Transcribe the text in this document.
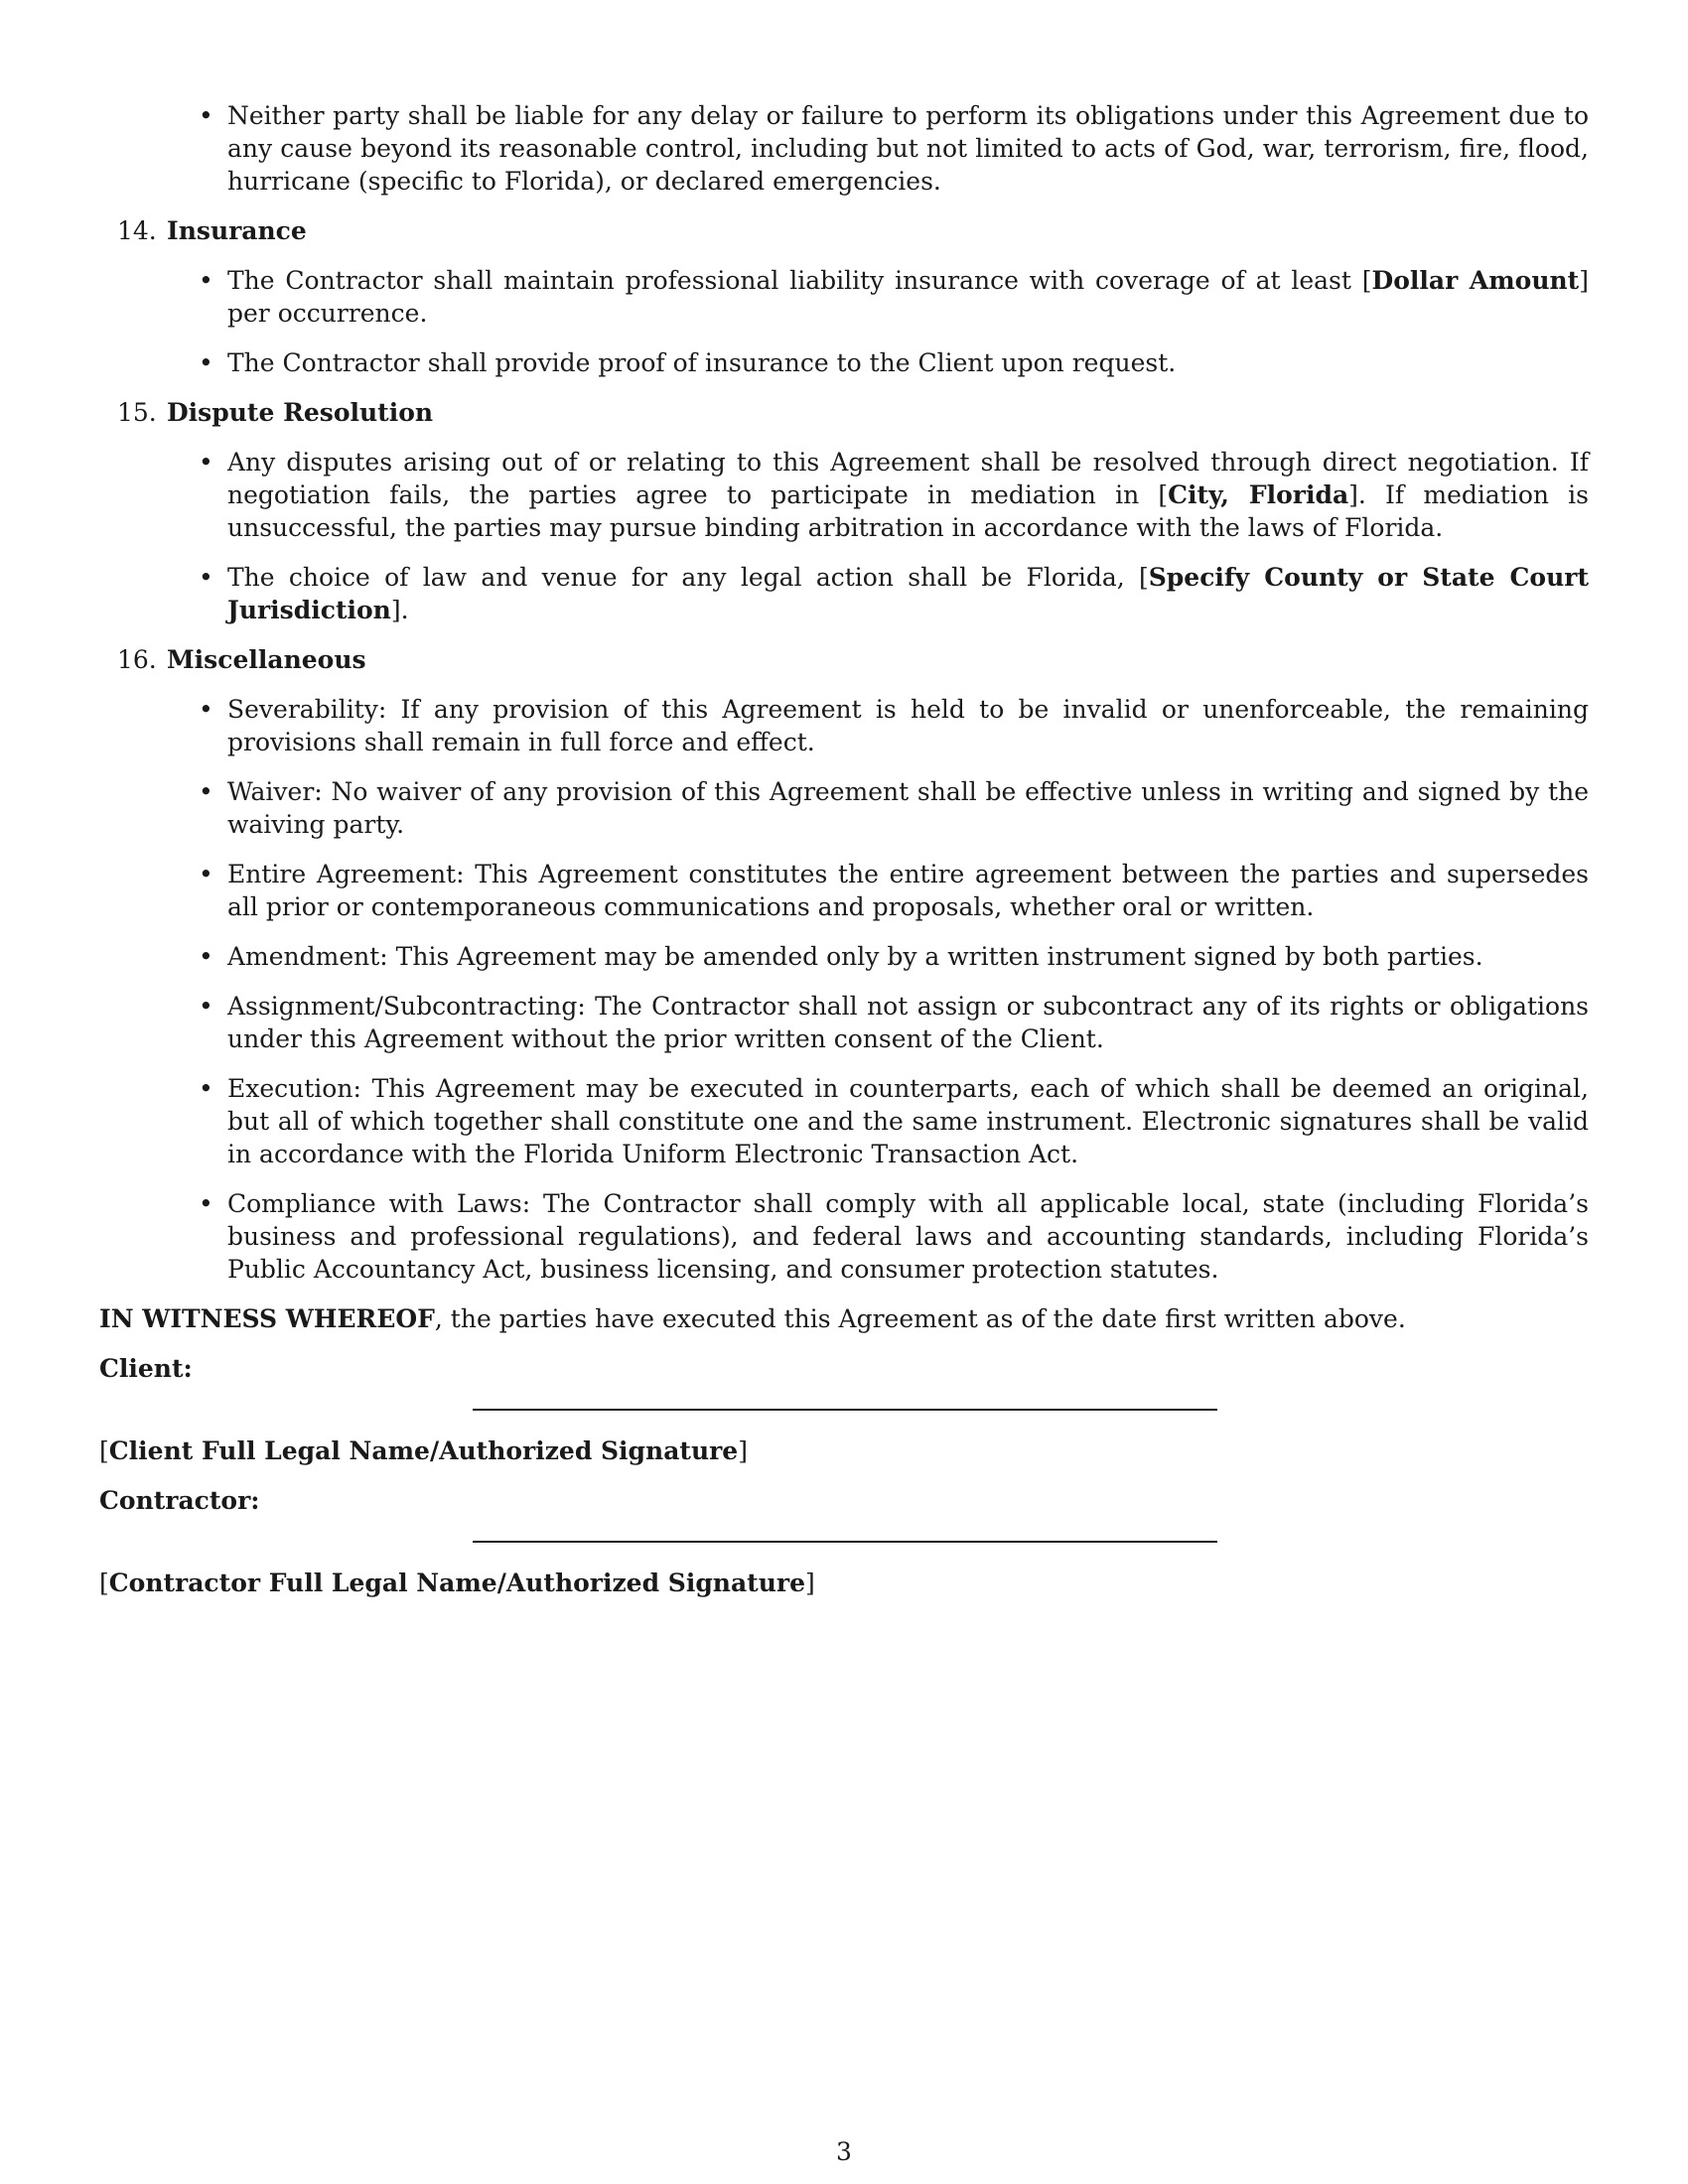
• Neither party shall be liable for any delay or failure to perform its obligations under this Agreement due to any cause beyond its reasonable control, including but not limited to acts of God, war, terrorism, fire, flood, hurricane (specific to Florida), or declared emergencies.
14. Insurance
• The Contractor shall maintain professional liability insurance with coverage of at least [Dollar Amount] per occurrence.
• The Contractor shall provide proof of insurance to the Client upon request.
15. Dispute Resolution
• Any disputes arising out of or relating to this Agreement shall be resolved through direct negotiation. If negotiation fails, the parties agree to participate in mediation in [City, Florida]. If mediation is unsuccessful, the parties may pursue binding arbitration in accordance with the laws of Florida.
• The choice of law and venue for any legal action shall be Florida, [Specify County or State Court Jurisdiction].
16. Miscellaneous
• Severability: If any provision of this Agreement is held to be invalid or unenforceable, the remaining provisions shall remain in full force and effect.
• Waiver: No waiver of any provision of this Agreement shall be effective unless in writing and signed by the waiving party.
• Entire Agreement: This Agreement constitutes the entire agreement between the parties and supersedes all prior or contemporaneous communications and proposals, whether oral or written.
• Amendment: This Agreement may be amended only by a written instrument signed by both parties.
• Assignment/Subcontracting: The Contractor shall not assign or subcontract any of its rights or obligations under this Agreement without the prior written consent of the Client.
• Execution: This Agreement may be executed in counterparts, each of which shall be deemed an original, but all of which together shall constitute one and the same instrument. Electronic signatures shall be valid in accordance with the Florida Uniform Electronic Transaction Act.
• Compliance with Laws: The Contractor shall comply with all applicable local, state (including Florida’s business and professional regulations), and federal laws and accounting standards, including Florida’s Public Accountancy Act, business licensing, and consumer protection statutes.

IN WITNESS WHEREOF, the parties have executed this Agreement as of the date first written above.

Client:
[Client Full Legal Name/Authorized Signature]
Contractor:
[Contractor Full Legal Name/Authorized Signature]
3
